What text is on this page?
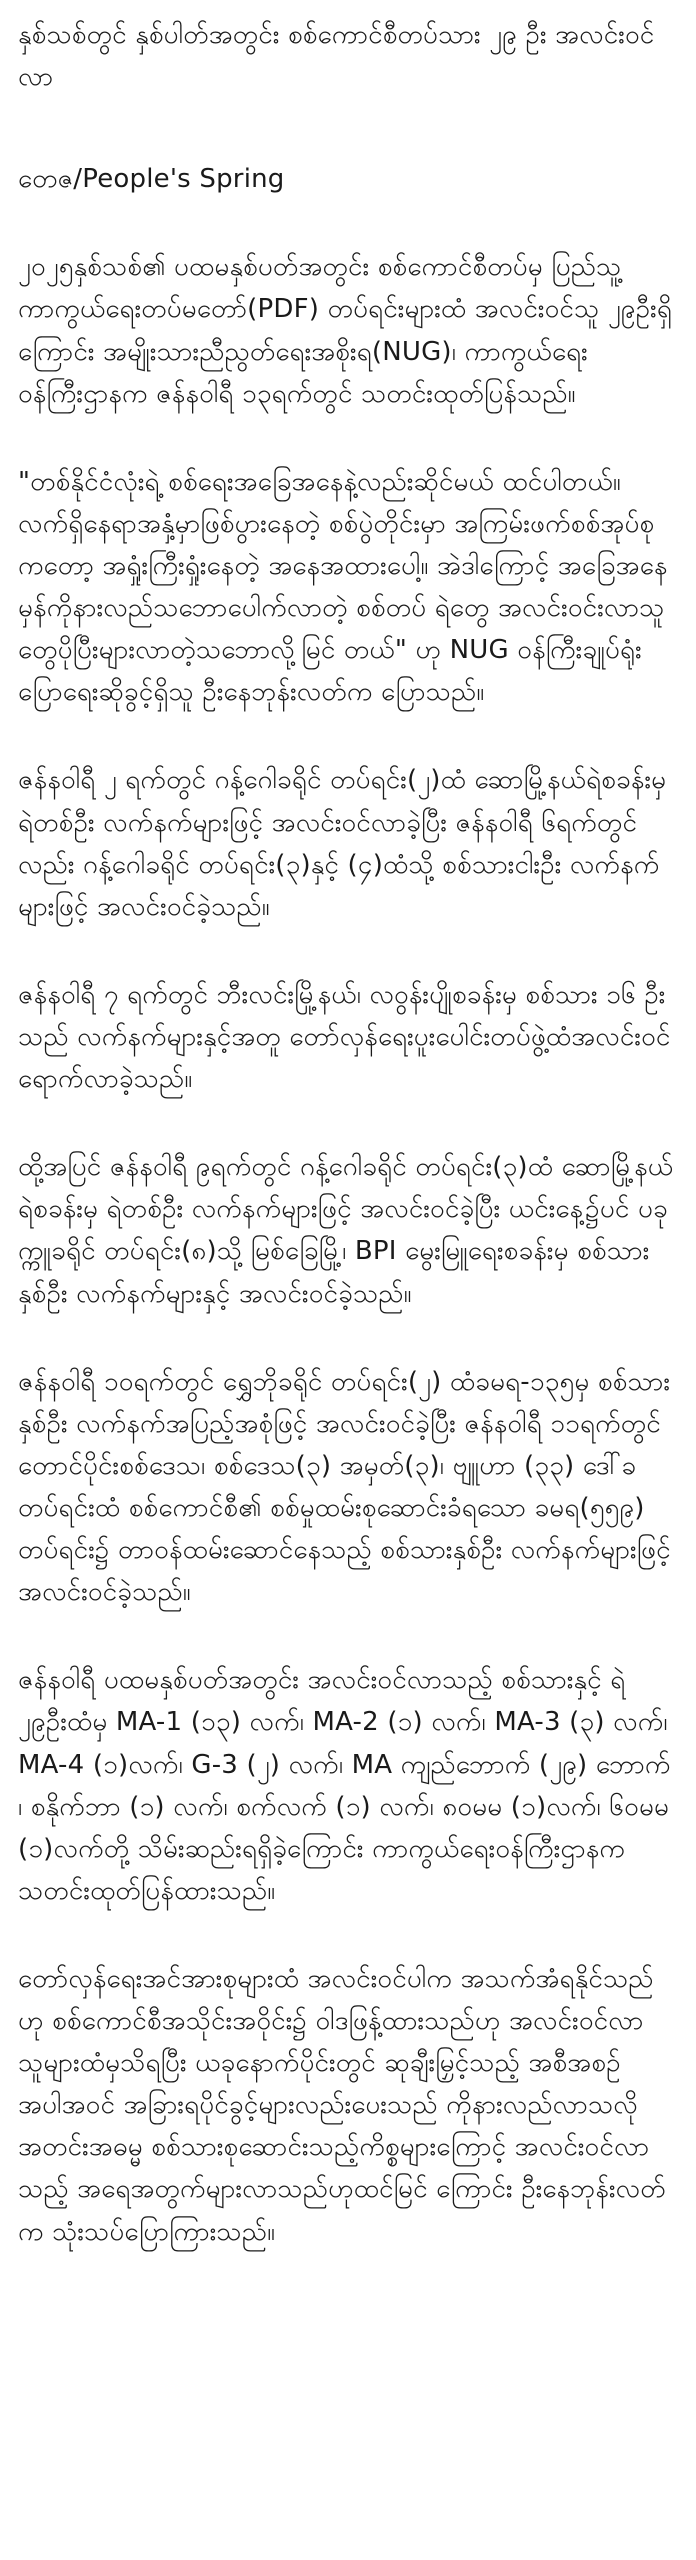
နှစ်သစ်တွင် နှစ်ပါတ်အတွင်း စစ်ကောင်စီတပ်သား ၂၉ ဦး အလင်းဝင်လာ

တေဇ/People's Spring

၂၀၂၅နှစ်သစ်၏ ပထမနှစ်ပတ်အတွင်း စစ်ကောင်စီတပ်မှ ပြည်သူ့ကာကွယ်ရေးတပ်မတော်(PDF) တပ်ရင်းများထံ အလင်းဝင်သူ ၂၉ဦးရှိကြောင်း အမျိုးသားညီညွတ်ရေးအစိုးရ(NUG)၊ ကာကွယ်ရေးဝန်ကြီးဌာနက ဇန်နဝါရီ ၁၃ရက်တွင် သတင်းထုတ်ပြန်သည်။

"တစ်နိုင်ငံလုံးရဲ့ စစ်ရေးအခြေအနေနဲ့လည်းဆိုင်မယ် ထင်ပါတယ်။ လက်ရှိနေရာအနှံ့မှာဖြစ်ပွားနေတဲ့ စစ်ပွဲတိုင်းမှာ အကြမ်းဖက်စစ်အုပ်စုကတော့ အရှုံးကြီးရှုံးနေတဲ့ အနေအထားပေါ့။ အဲဒါကြောင့် အခြေအနေမှန်ကိုနားလည်သဘောပေါက်လာတဲ့ စစ်တပ် ရဲတွေ အလင်းဝင်းလာသူတွေပိုပြီးများလာတဲ့သဘောလို့မြင် တယ်" ဟု NUG ဝန်ကြီးချုပ်ရုံး ပြောရေးဆိုခွင့်ရှိသူ ဦးနေဘုန်းလတ်က ပြောသည်။

ဇန်နဝါရီ ၂ ရက်တွင် ဂန့်ဂေါခရိုင် တပ်ရင်း(၂)ထံ ဆောမြို့နယ်ရဲစခန်းမှ ရဲတစ်ဦး လက်နက်များဖြင့် အလင်းဝင်လာခဲ့ပြီး ဇန်နဝါရီ ၆ရက်တွင် လည်း ဂန့်ဂေါခရိုင် တပ်ရင်း(၃)နှင့် (၄)ထံသို့ စစ်သားငါးဦး လက်နက်များဖြင့် အလင်းဝင်ခဲ့သည်။

ဇန်နဝါရီ ၇ ရက်တွင် ဘီးလင်းမြို့နယ်၊ လဝွန်းပျိုစခန်းမှ စစ်သား ၁၆ ဦးသည် လက်နက်များနှင့်အတူ တော်လှန်ရေးပူးပေါင်းတပ်ဖွဲ့ထံအလင်းဝင် ရောက်လာခဲ့သည်။

ထို့အပြင် ဇန်နဝါရီ ၉ရက်တွင် ဂန့်ဂေါခရိုင် တပ်ရင်း(၃)ထံ ဆောမြို့နယ်ရဲစခန်းမှ ရဲတစ်ဦး လက်နက်များဖြင့် အလင်းဝင်ခဲ့ပြီး ယင်းနေ့၌ပင် ပခုက္ကူခရိုင် တပ်ရင်း(၈)သို့ မြစ်ခြေမြို့၊ BPI မွေးမြူရေးစခန်းမှ စစ်သားနှစ်ဦး လက်နက်များနှင့် အလင်းဝင်ခဲ့သည်။

ဇန်နဝါရီ ၁၀ရက်တွင် ရွှေဘိုခရိုင် တပ်ရင်း(၂) ထံခမရ-၁၃၅မှ စစ်သားနှစ်ဦး လက်နက်အပြည့်အစုံဖြင့် အလင်းဝင်ခဲ့ပြီး ဇန်နဝါရီ ၁၁ရက်တွင် တောင်ပိုင်းစစ်ဒေသ၊ စစ်ဒေသ(၃) အမှတ်(၃)၊ ဗျူဟာ (၃၃) ဒေါ်ခ တပ်ရင်းထံ စစ်ကောင်စီ၏ စစ်မှုထမ်းစုဆောင်းခံရသော ခမရ(၅၅၉) တပ်ရင်း၌ တာဝန်ထမ်းဆောင်နေသည့် စစ်သားနှစ်ဦး လက်နက်များဖြင့် အလင်းဝင်ခဲ့သည်။

ဇန်နဝါရီ ပထမနှစ်ပတ်အတွင်း အလင်းဝင်လာသည့် စစ်သားနှင့် ရဲ ၂၉ဦးထံမှ MA-1 (၁၃) လက်၊ MA-2 (၁) လက်၊ MA-3 (၃) လက်၊ MA-4 (၁)လက်၊ G-3 (၂) လက်၊ MA ကျည်ဘောက် (၂၉) ဘောက် ၊ စနိုက်ဘာ (၁) လက်၊ စက်လက် (၁) လက်၊ ၈၀မမ (၁)လက်၊ ၆၀မမ (၁)လက်တို့ သိမ်းဆည်းရရှိခဲ့ကြောင်း ကာကွယ်ရေးဝန်ကြီးဌာနက သတင်းထုတ်ပြန်ထားသည်။

တော်လှန်ရေးအင်အားစုများထံ အလင်းဝင်ပါက အသက်အံရနိုင်သည်ဟု စစ်ကောင်စီအသိုင်းအဝိုင်း၌ ဝါဒဖြန့်ထားသည်ဟု အလင်းဝင်လာသူများထံမှသိရပြီး ယခုနောက်ပိုင်းတွင် ဆုချီးမြှင့်သည့် အစီအစဉ်အပါအဝင် အခြားရပိုင်ခွင့်များလည်းပေးသည် ကိုနားလည်လာသလို အတင်းအဓမ္မ စစ်သားစုဆောင်းသည့်ကိစ္စများကြောင့် အလင်းဝင်လာသည့် အရေအတွက်များလာသည်ဟုထင်မြင် ကြောင်း ဦးနေဘုန်းလတ်က သုံးသပ်ပြောကြားသည်။
